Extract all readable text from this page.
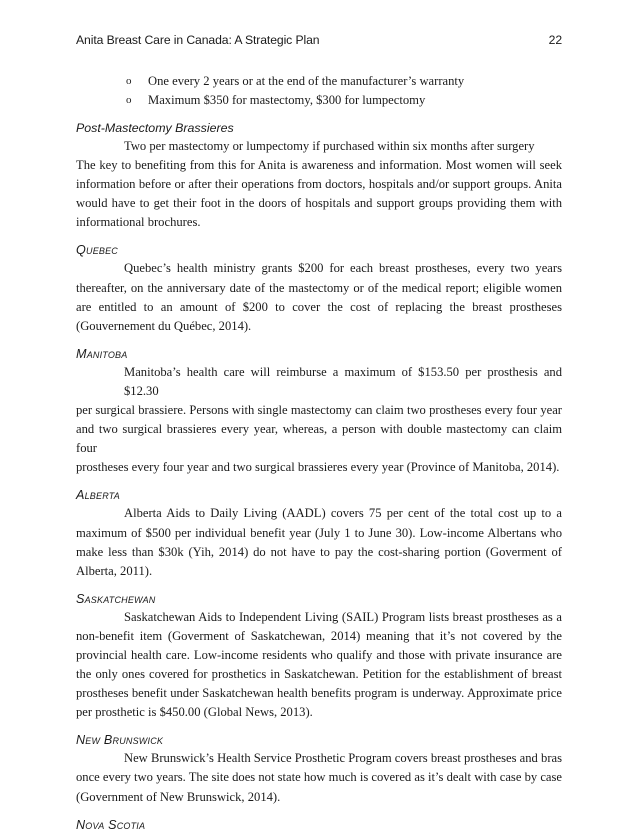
Anita Breast Care in Canada: A Strategic Plan	22
o One every 2 years or at the end of the manufacturer’s warranty
o Maximum $350 for mastectomy, $300 for lumpectomy

Post-Mastectomy Brassieres

Two per mastectomy or lumpectomy if purchased within six months after surgery
The key to benefiting from this for Anita is awareness and information. Most women will seek
information before or after their operations from doctors, hospitals and/or support groups. Anita
would have to get their foot in the doors of hospitals and support groups providing them with
informational brochures.

Quebec

Quebec’s health ministry grants $200 for each breast prostheses, every two years
thereafter, on the anniversary date of the mastectomy or of the medical report; eligible women
are entitled to an amount of $200 to cover the cost of replacing the breast prostheses
(Gouvernement du Québec, 2014).

Manitoba

Manitoba’s health care will reimburse a maximum of $153.50 per prosthesis and $12.30
per surgical brassiere. Persons with single mastectomy can claim two prostheses every four year
and two surgical brassieres every year, whereas, a person with double mastectomy can claim four
prostheses every four year and two surgical brassieres every year (Province of Manitoba, 2014).

Alberta

Alberta Aids to Daily Living (AADL) covers 75 per cent of the total cost up to a
maximum of $500 per individual benefit year (July 1 to June 30). Low-income Albertans who
make less than $30k (Yih, 2014) do not have to pay the cost-sharing portion (Goverment of
Alberta, 2011).

Saskatchewan

Saskatchewan Aids to Independent Living (SAIL) Program lists breast prostheses as a
non-benefit item (Goverment of Saskatchewan, 2014) meaning that it’s not covered by the
provincial health care. Low-income residents who qualify and those with private insurance are
the only ones covered for prosthetics in Saskatchewan. Petition for the establishment of breast
prostheses benefit under Saskatchewan health benefits program is underway. Approximate price
per prosthetic is $450.00 (Global News, 2013).

New Brunswick

New Brunswick’s Health Service Prosthetic Program covers breast prostheses and bras
once every two years. The site does not state how much is covered as it’s dealt with case by case
(Government of New Brunswick, 2014).

Nova Scotia
